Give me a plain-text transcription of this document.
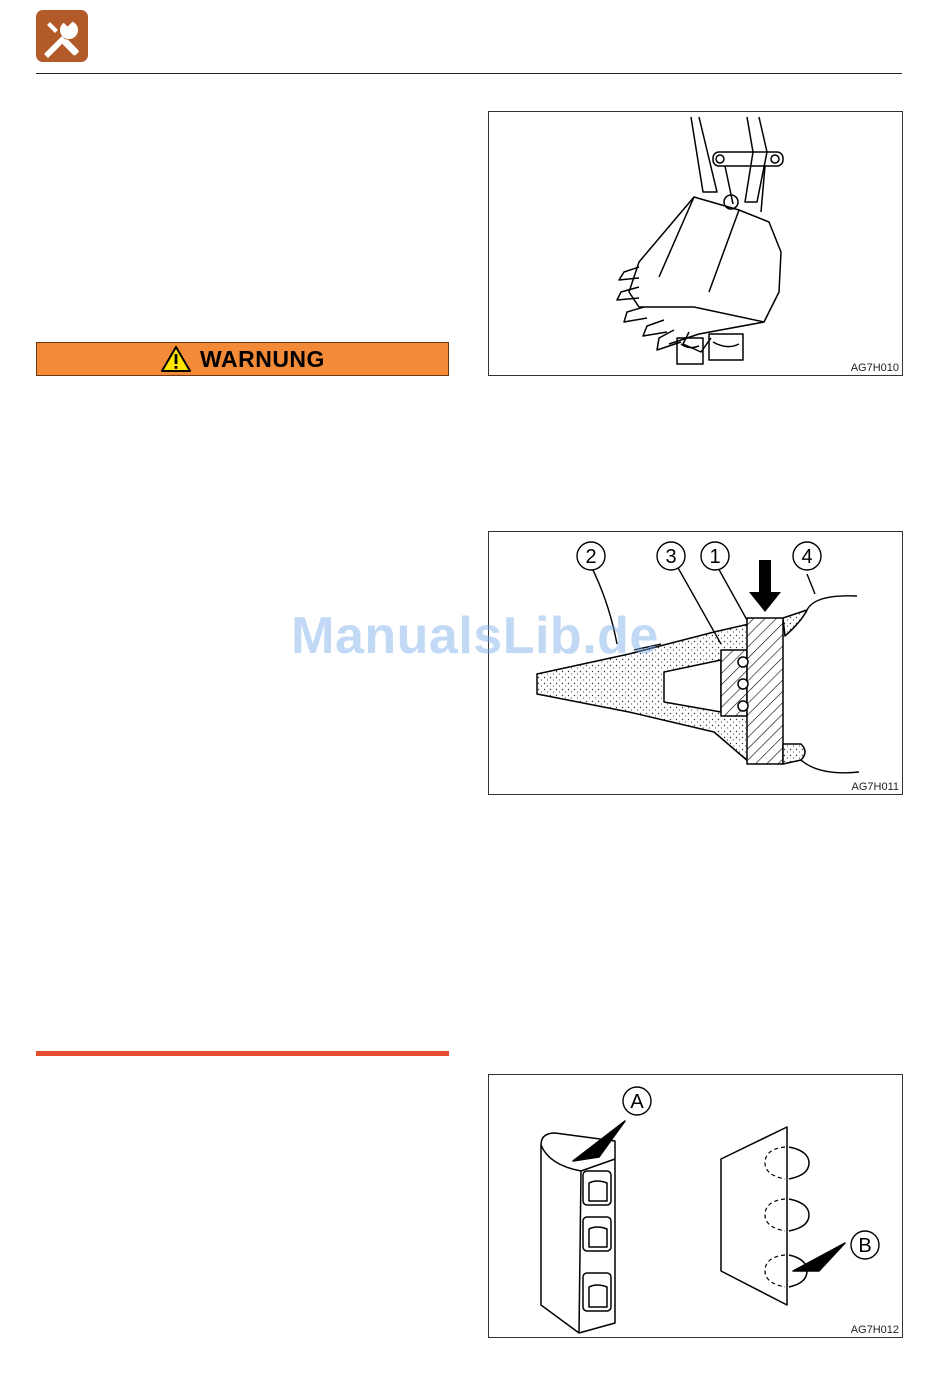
WARNUNG	AG7H010
2	3 1	4
AG7H011
A
B
AG7H012
ManualsLib.de
